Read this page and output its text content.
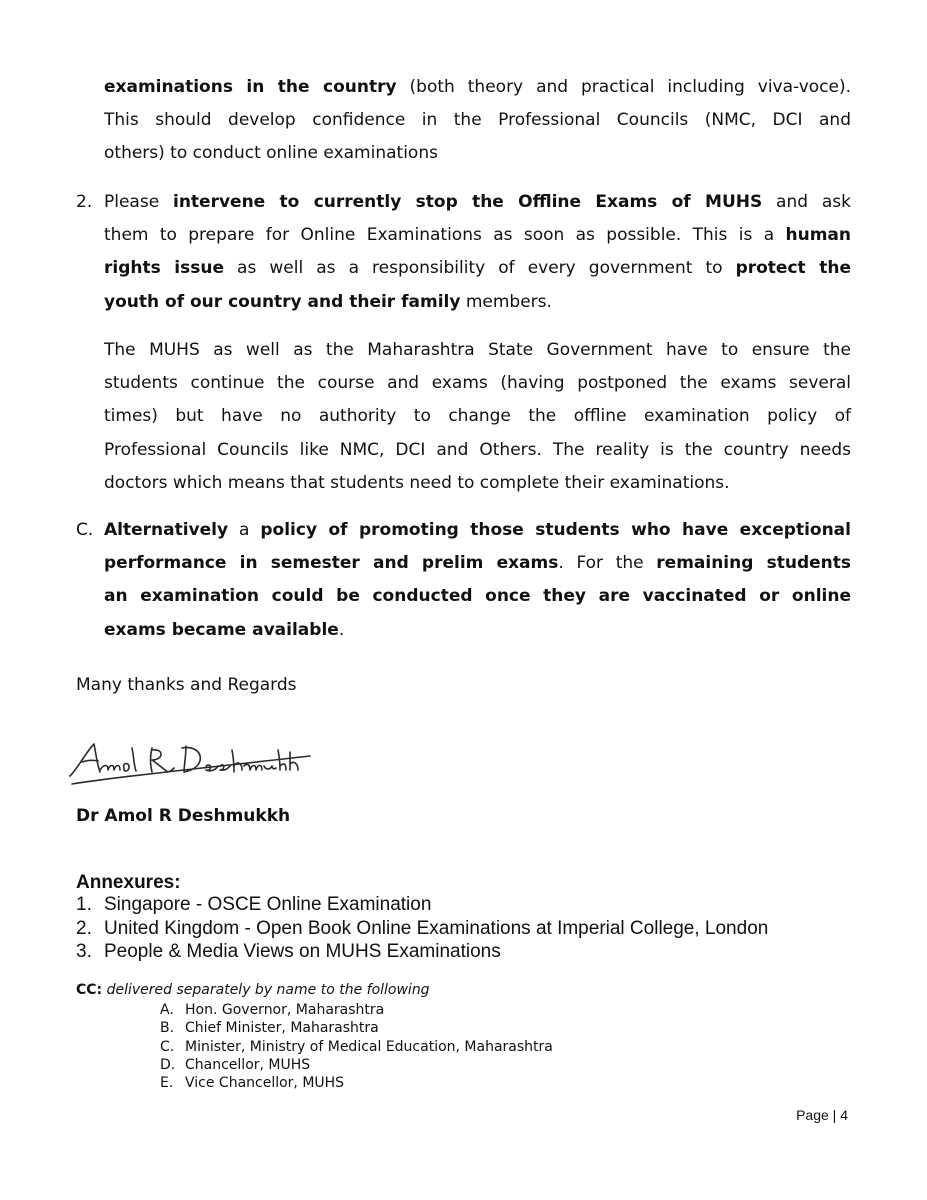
examinations in the country (both theory and practical including viva-voce).
This should develop confidence in the Professional Councils (NMC, DCI and
others) to conduct online examinations
2. Please intervene to currently stop the Offline Exams of MUHS and ask
them to prepare for Online Examinations as soon as possible. This is a human
rights issue as well as a responsibility of every government to protect the
youth of our country and their family members.
The MUHS as well as the Maharashtra State Government have to ensure the
students continue the course and exams (having postponed the exams several
times) but have no authority to change the offline examination policy of
Professional Councils like NMC, DCI and Others. The reality is the country needs
doctors which means that students need to complete their examinations.
C. Alternatively a policy of promoting those students who have exceptional
performance in semester and prelim exams. For the remaining students
an examination could be conducted once they are vaccinated or online
exams became available.
Many thanks and Regards
Dr Amol R Deshmukkh
Annexures:
1. Singapore - OSCE Online Examination
2. United Kingdom - Open Book Online Examinations at Imperial College, London
3. People & Media Views on MUHS Examinations
CC: delivered separately by name to the following
A. Hon. Governor, Maharashtra
B. Chief Minister, Maharashtra
C. Minister, Ministry of Medical Education, Maharashtra
D. Chancellor, MUHS
E. Vice Chancellor, MUHS
Page | 4
